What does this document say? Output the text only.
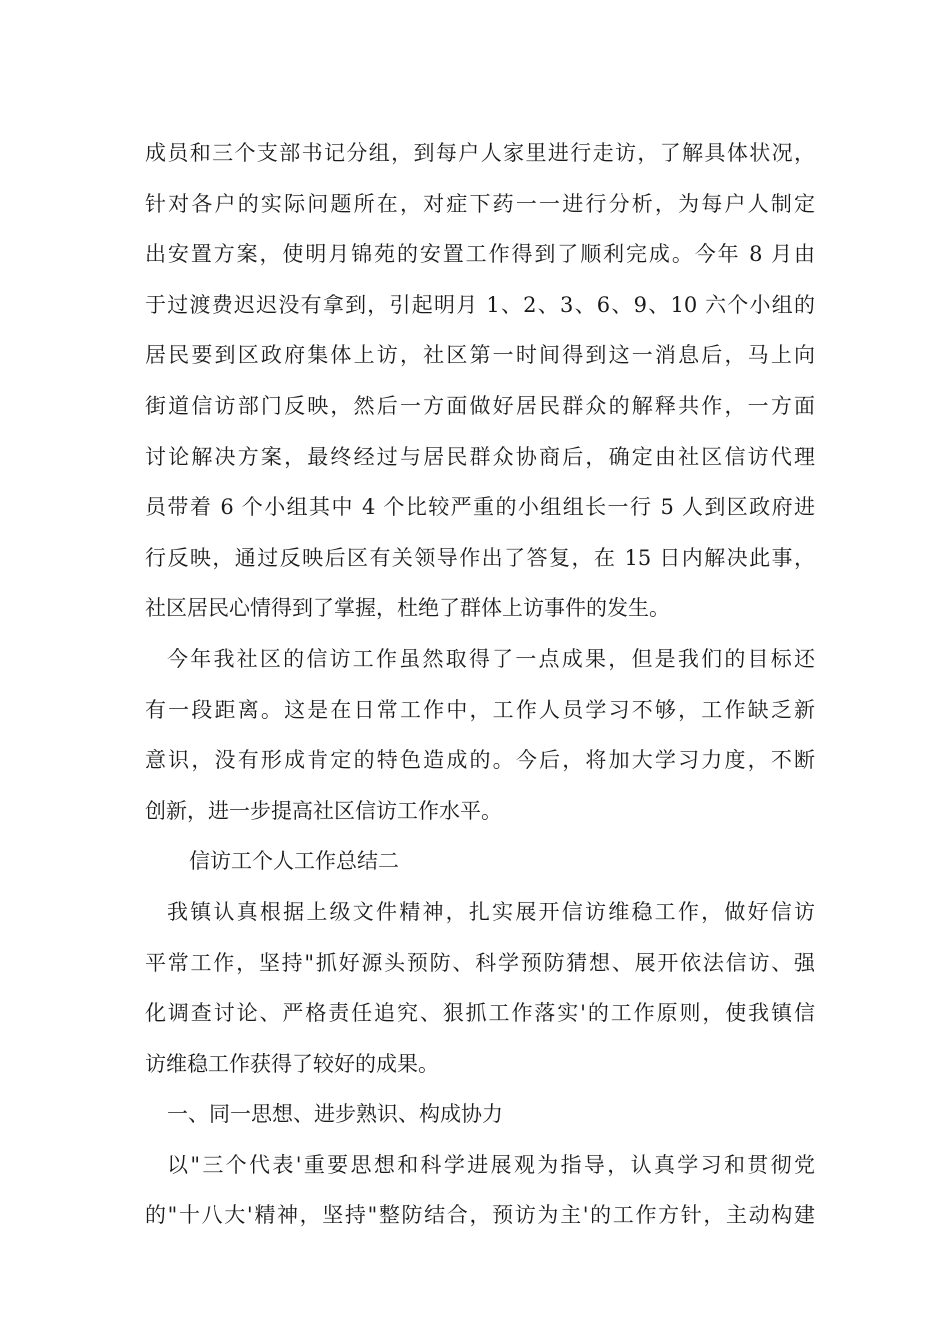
成员和三个支部书记分组，到每户人家里进行走访，了解具体状况，
针对各户的实际问题所在，对症下药一一进行分析，为每户人制定
出安置方案，使明月锦苑的安置工作得到了顺利完成。今年 8 月由
于过渡费迟迟没有拿到，引起明月 1、2、3、6、9、10 六个小组的
居民要到区政府集体上访，社区第一时间得到这一消息后，马上向
街道信访部门反映，然后一方面做好居民群众的解释共作，一方面
讨论解决方案，最终经过与居民群众协商后，确定由社区信访代理
员带着 6 个小组其中 4 个比较严重的小组组长一行 5 人到区政府进
行反映，通过反映后区有关领导作出了答复，在 15 日内解决此事，
社区居民心情得到了掌握，杜绝了群体上访事件的发生。
今年我社区的信访工作虽然取得了一点成果，但是我们的目标还
有一段距离。这是在日常工作中，工作人员学习不够，工作缺乏新
意识，没有形成肯定的特色造成的。今后，将加大学习力度，不断
创新，进一步提高社区信访工作水平。
信访工个人工作总结二
我镇认真根据上级文件精神，扎实展开信访维稳工作，做好信访
平常工作，坚持"抓好源头预防、科学预防猜想、展开依法信访、强
化调查讨论、严格责任追究、狠抓工作落实'的工作原则，使我镇信
访维稳工作获得了较好的成果。
一、同一思想、进步熟识、构成协力
以"三个代表'重要思想和科学进展观为指导，认真学习和贯彻党
的"十八大'精神，坚持"整防结合，预访为主'的工作方针，主动构建
